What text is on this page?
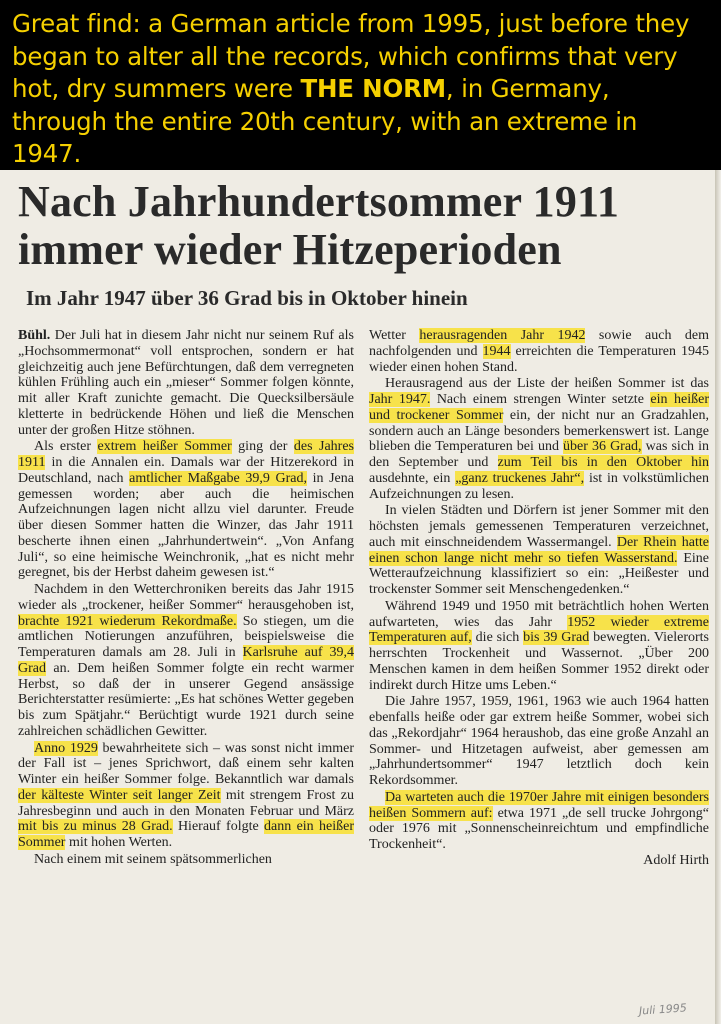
Great find: a German article from 1995, just before they began to alter all the records, which confirms that very hot, dry summers were THE NORM, in Germany, through the entire 20th century, with an extreme in 1947.

Nach Jahrhundertsommer 1911
immer wieder Hitzeperioden
Im Jahr 1947 über 36 Grad bis in Oktober hinein

Bühl. Der Juli hat in diesem Jahr nicht nur seinem Ruf als „Hochsommermonat“ voll entsprochen, sondern er hat gleichzeitig auch jene Befürchtungen, daß dem verregneten kühlen Frühling auch ein „mieser“ Sommer folgen könnte, mit aller Kraft zunichte gemacht. Die Quecksilbersäule kletterte in bedrückende Höhen und ließ die Menschen unter der großen Hitze stöhnen.

Als erster extrem heißer Sommer ging der des Jahres 1911 in die Annalen ein. Damals war der Hitzerekord in Deutschland, nach amtlicher Maßgabe 39,9 Grad, in Jena gemessen worden; aber auch die heimischen Aufzeichnungen lagen nicht allzu viel darunter. Freude über diesen Sommer hatten die Winzer, das Jahr 1911 bescherte ihnen einen „Jahrhundertwein“. „Von Anfang Juli“, so eine heimische Weinchronik, „hat es nicht mehr geregnet, bis der Herbst daheim gewesen ist.“

Nachdem in den Wetterchroniken bereits das Jahr 1915 wieder als „trockener, heißer Sommer“ herausgehoben ist, brachte 1921 wiederum Rekordmaße. So stiegen, um die amtlichen Notierungen anzuführen, beispielsweise die Temperaturen damals am 28. Juli in Karlsruhe auf 39,4 Grad an. Dem heißen Sommer folgte ein recht warmer Herbst, so daß der in unserer Gegend ansässige Berichterstatter resümierte: „Es hat schönes Wetter gegeben bis zum Spätjahr.“ Berüchtigt wurde 1921 durch seine zahlreichen schädlichen Gewitter.

Anno 1929 bewahrheitete sich – was sonst nicht immer der Fall ist – jenes Sprichwort, daß einem sehr kalten Winter ein heißer Sommer folge. Bekanntlich war damals der kälteste Winter seit langer Zeit mit strengem Frost zu Jahresbeginn und auch in den Monaten Februar und März mit bis zu minus 28 Grad. Hierauf folgte dann ein heißer Sommer mit hohen Werten.

Nach einem mit seinem spätsommerlichen

Wetter herausragenden Jahr 1942 sowie auch dem nachfolgenden und 1944 erreichten die Temperaturen 1945 wieder einen hohen Stand.

Herausragend aus der Liste der heißen Sommer ist das Jahr 1947. Nach einem strengen Winter setzte ein heißer und trockener Sommer ein, der nicht nur an Gradzahlen, sondern auch an Länge besonders bemerkenswert ist. Lange blieben die Temperaturen bei und über 36 Grad, was sich in den September und zum Teil bis in den Oktober hin ausdehnte, ein „ganz truckenes Jahr“, ist in volkstümlichen Aufzeichnungen zu lesen.

In vielen Städten und Dörfern ist jener Sommer mit den höchsten jemals gemessenen Temperaturen verzeichnet, auch mit einschneidendem Wassermangel. Der Rhein hatte einen schon lange nicht mehr so tiefen Wasserstand. Eine Wetteraufzeichnung klassifiziert so ein: „Heißester und trockenster Sommer seit Menschengedenken.“

Während 1949 und 1950 mit beträchtlich hohen Werten aufwarteten, wies das Jahr 1952 wieder extreme Temperaturen auf, die sich bis 39 Grad bewegten. Vielerorts herrschten Trockenheit und Wassernot. „Über 200 Menschen kamen in dem heißen Sommer 1952 direkt oder indirekt durch Hitze ums Leben.“

Die Jahre 1957, 1959, 1961, 1963 wie auch 1964 hatten ebenfalls heiße oder gar extrem heiße Sommer, wobei sich das „Rekordjahr“ 1964 heraushob, das eine große Anzahl an Sommer- und Hitzetagen aufweist, aber gemessen am „Jahrhundertsommer“ 1947 letztlich doch kein Rekordsommer.

Da warteten auch die 1970er Jahre mit einigen besonders heißen Sommern auf: etwa 1971 „de sell trucke Johrgong“ oder 1976 mit „Sonnenscheinreichtum und empfindliche Trockenheit“.
Adolf Hirth

Juli 1995
